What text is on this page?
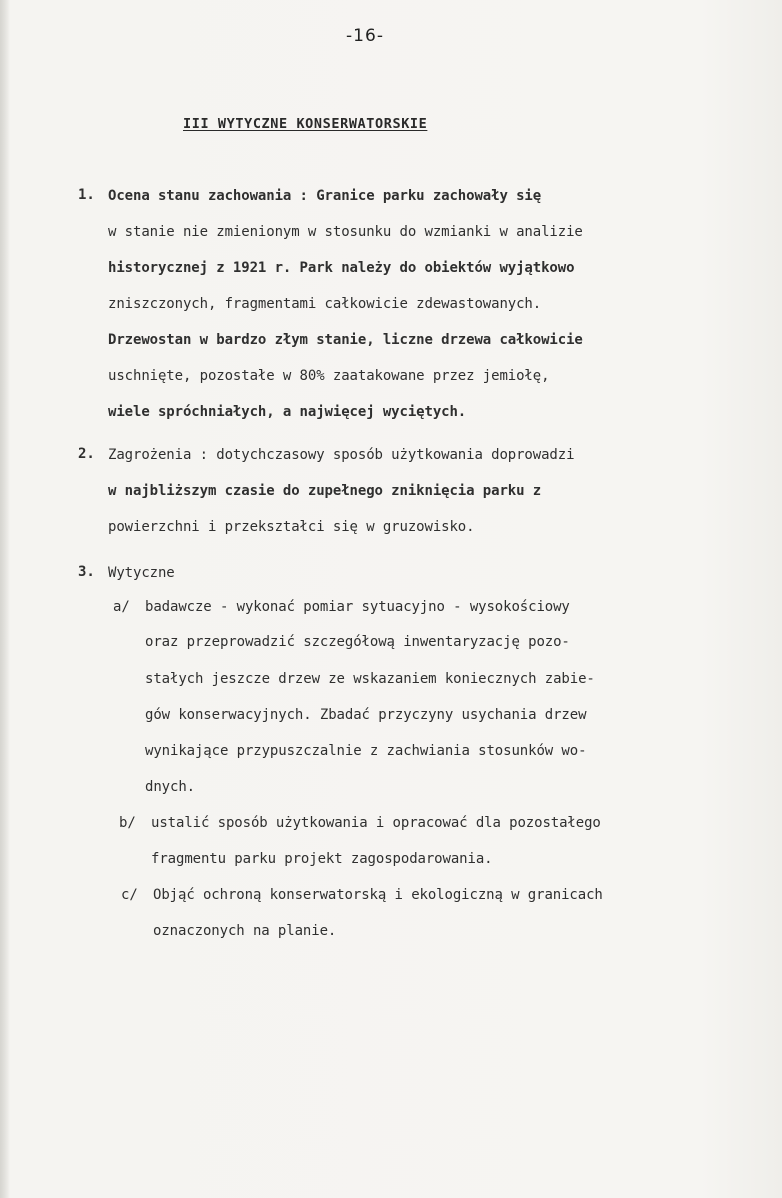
-16-
III WYTYCZNE KONSERWATORSKIE
1. Ocena stanu zachowania : Granice parku zachowały się
w stanie nie zmienionym w stosunku do wzmianki w analizie
historycznej z 1921 r. Park należy do obiektów wyjątkowo
zniszczonych, fragmentami całkowicie zdewastowanych.
Drzewostan w bardzo złym stanie, liczne drzewa całkowicie
uschnięte, pozostałe w 80% zaatakowane przez jemiołę,
wiele spróchniałych, a najwięcej wyciętych.
2. Zagrożenia : dotychczasowy sposób użytkowania doprowadzi
w najbliższym czasie do zupełnego zniknięcia parku z
powierzchni i przekształci się w gruzowisko.
3. Wytyczne
a/ badawcze - wykonać pomiar sytuacyjno - wysokościowy
oraz przeprowadzić szczegółową inwentaryzację pozo-
stałych jeszcze drzew ze wskazaniem koniecznych zabie-
gów konserwacyjnych. Zbadać przyczyny usychania drzew
wynikające przypuszczalnie z zachwiania stosunków wo-
dnych.
b/ ustalić sposób użytkowania i opracować dla pozostałego
fragmentu parku projekt zagospodarowania.
c/ Objąć ochroną konserwatorską i ekologiczną w granicach
oznaczonych na planie.
